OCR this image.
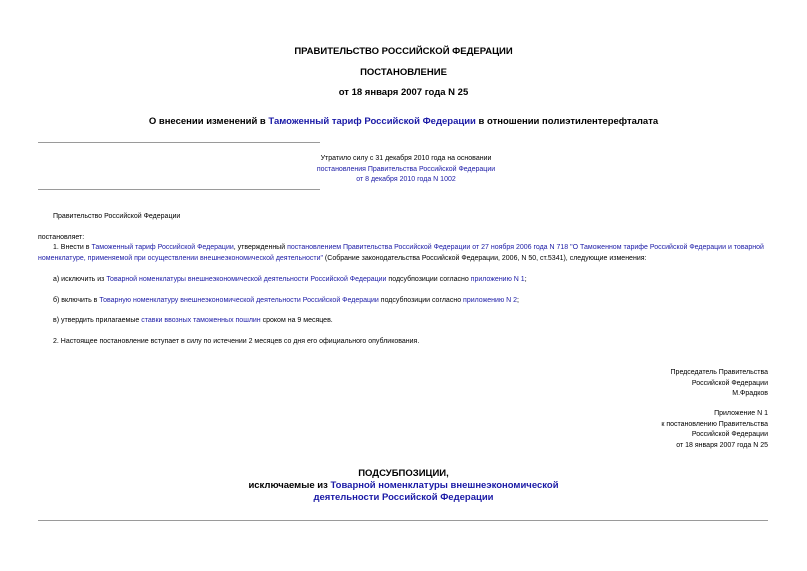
ПРАВИТЕЛЬСТВО РОССИЙСКОЙ ФЕДЕРАЦИИ
ПОСТАНОВЛЕНИЕ
от 18 января 2007 года N 25
О внесении изменений в Таможенный тариф Российской Федерации в отношении полиэтилентерефталата
Утратило силу с 31 декабря 2010 года на основании
постановления Правительства Российской Федерации
от 8 декабря 2010 года N 1002
Правительство Российской Федерации
постановляет:
1. Внести в Таможенный тариф Российской Федерации, утвержденный постановлением Правительства Российской Федерации от 27 ноября 2006 года N 718 "О Таможенном тарифе Российской Федерации и товарной номенклатуре, применяемой при осуществлении внешнеэкономической деятельности" (Собрание законодательства Российской Федерации, 2006, N 50, ст.5341), следующие изменения:
а) исключить из Товарной номенклатуры внешнеэкономической деятельности Российской Федерации подсубпозиции согласно приложению N 1;
б) включить в Товарную номенклатуру внешнеэкономической деятельности Российской Федерации подсубпозиции согласно приложению N 2;
в) утвердить прилагаемые ставки ввозных таможенных пошлин сроком на 9 месяцев.
2. Настоящее постановление вступает в силу по истечении 2 месяцев со дня его официального опубликования.
Председатель Правительства
Российской Федерации
М.Фрадков
Приложение N 1
к постановлению Правительства
Российской Федерации
от 18 января 2007 года N 25
ПОДСУБПОЗИЦИИ,
исключаемые из Товарной номенклатуры внешнеэкономической
деятельности Российской Федерации
